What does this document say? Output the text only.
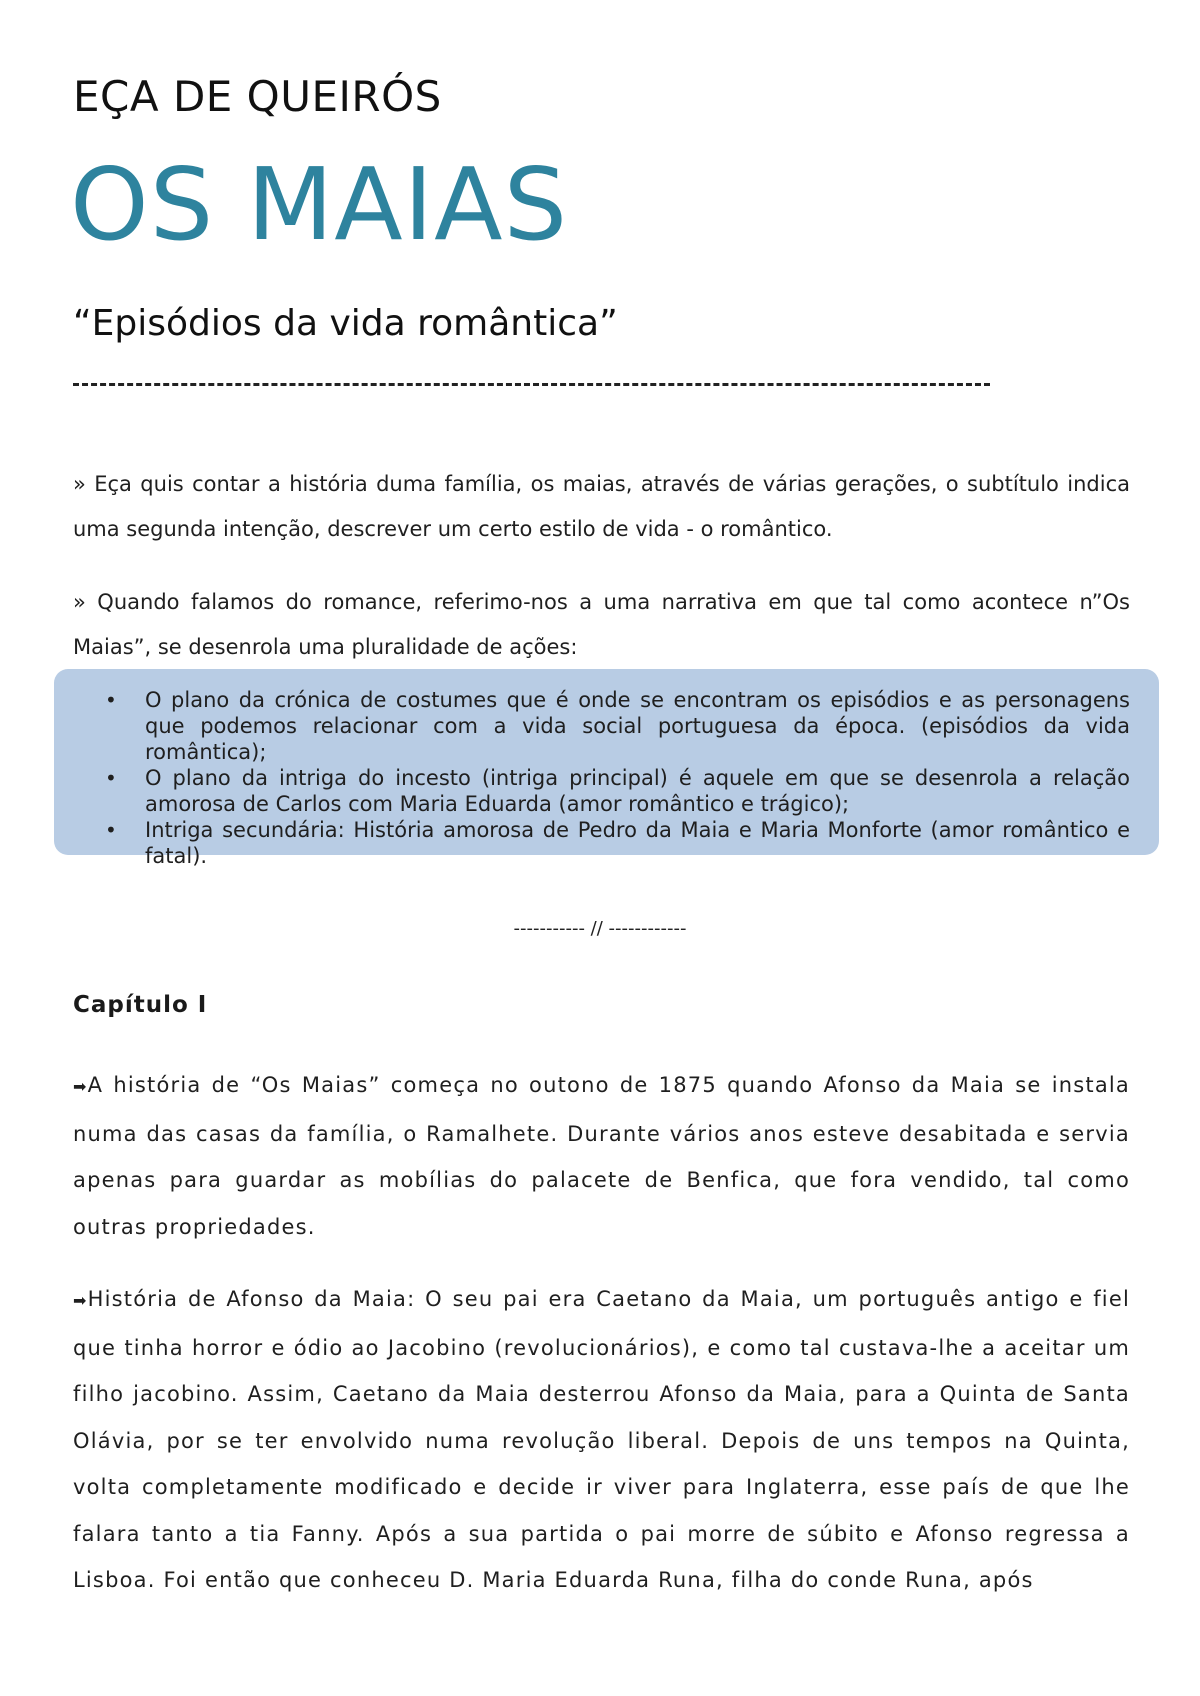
EÇA DE QUEIRÓS
OS MAIAS
“Episódios da vida romântica”

» Eça quis contar a história duma família, os maias, através de várias gerações, o subtítulo indica uma segunda intenção, descrever um certo estilo de vida - o romântico.

» Quando falamos do romance, referimo-nos a uma narrativa em que tal como acontece n”Os Maias”, se desenrola uma pluralidade de ações:

• O plano da crónica de costumes que é onde se encontram os episódios e as personagens que podemos relacionar com a vida social portuguesa da época. (episódios da vida romântica);
• O plano da intriga do incesto (intriga principal) é aquele em que se desenrola a relação amorosa de Carlos com Maria Eduarda (amor romântico e trágico);
• Intriga secundária: História amorosa de Pedro da Maia e Maria Monforte (amor romântico e fatal).

----------- // ------------

Capítulo I

➡A história de “Os Maias” começa no outono de 1875 quando Afonso da Maia se instala numa das casas da família, o Ramalhete. Durante vários anos esteve desabitada e servia apenas para guardar as mobílias do palacete de Benfica, que fora vendido, tal como outras propriedades.

➡História de Afonso da Maia: O seu pai era Caetano da Maia, um português antigo e fiel que tinha horror e ódio ao Jacobino (revolucionários), e como tal custava-lhe a aceitar um filho jacobino. Assim, Caetano da Maia desterrou Afonso da Maia, para a Quinta de Santa Olávia, por se ter envolvido numa revolução liberal. Depois de uns tempos na Quinta, volta completamente modificado e decide ir viver para Inglaterra, esse país de que lhe falara tanto a tia Fanny. Após a sua partida o pai morre de súbito e Afonso regressa a Lisboa. Foi então que conheceu D. Maria Eduarda Runa, filha do conde Runa, após
